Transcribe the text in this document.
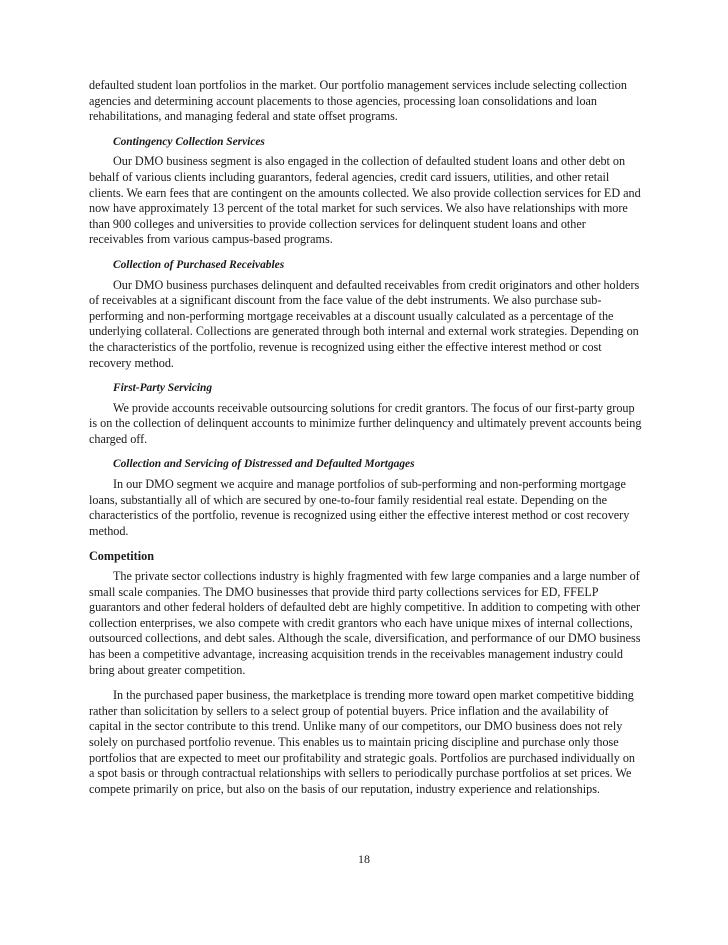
defaulted student loan portfolios in the market. Our portfolio management services include selecting collection agencies and determining account placements to those agencies, processing loan consolidations and loan rehabilitations, and managing federal and state offset programs.

Contingency Collection Services

Our DMO business segment is also engaged in the collection of defaulted student loans and other debt on behalf of various clients including guarantors, federal agencies, credit card issuers, utilities, and other retail clients. We earn fees that are contingent on the amounts collected. We also provide collection services for ED and now have approximately 13 percent of the total market for such services. We also have relationships with more than 900 colleges and universities to provide collection services for delinquent student loans and other receivables from various campus-based programs.

Collection of Purchased Receivables

Our DMO business purchases delinquent and defaulted receivables from credit originators and other holders of receivables at a significant discount from the face value of the debt instruments. We also purchase sub-performing and non-performing mortgage receivables at a discount usually calculated as a percentage of the underlying collateral. Collections are generated through both internal and external work strategies. Depending on the characteristics of the portfolio, revenue is recognized using either the effective interest method or cost recovery method.

First-Party Servicing

We provide accounts receivable outsourcing solutions for credit grantors. The focus of our first-party group is on the collection of delinquent accounts to minimize further delinquency and ultimately prevent accounts being charged off.

Collection and Servicing of Distressed and Defaulted Mortgages

In our DMO segment we acquire and manage portfolios of sub-performing and non-performing mortgage loans, substantially all of which are secured by one-to-four family residential real estate. Depending on the characteristics of the portfolio, revenue is recognized using either the effective interest method or cost recovery method.

Competition

The private sector collections industry is highly fragmented with few large companies and a large number of small scale companies. The DMO businesses that provide third party collections services for ED, FFELP guarantors and other federal holders of defaulted debt are highly competitive. In addition to competing with other collection enterprises, we also compete with credit grantors who each have unique mixes of internal collections, outsourced collections, and debt sales. Although the scale, diversification, and performance of our DMO business has been a competitive advantage, increasing acquisition trends in the receivables management industry could bring about greater competition.

In the purchased paper business, the marketplace is trending more toward open market competitive bidding rather than solicitation by sellers to a select group of potential buyers. Price inflation and the availability of capital in the sector contribute to this trend. Unlike many of our competitors, our DMO business does not rely solely on purchased portfolio revenue. This enables us to maintain pricing discipline and purchase only those portfolios that are expected to meet our profitability and strategic goals. Portfolios are purchased individually on a spot basis or through contractual relationships with sellers to periodically purchase portfolios at set prices. We compete primarily on price, but also on the basis of our reputation, industry experience and relationships.

18
